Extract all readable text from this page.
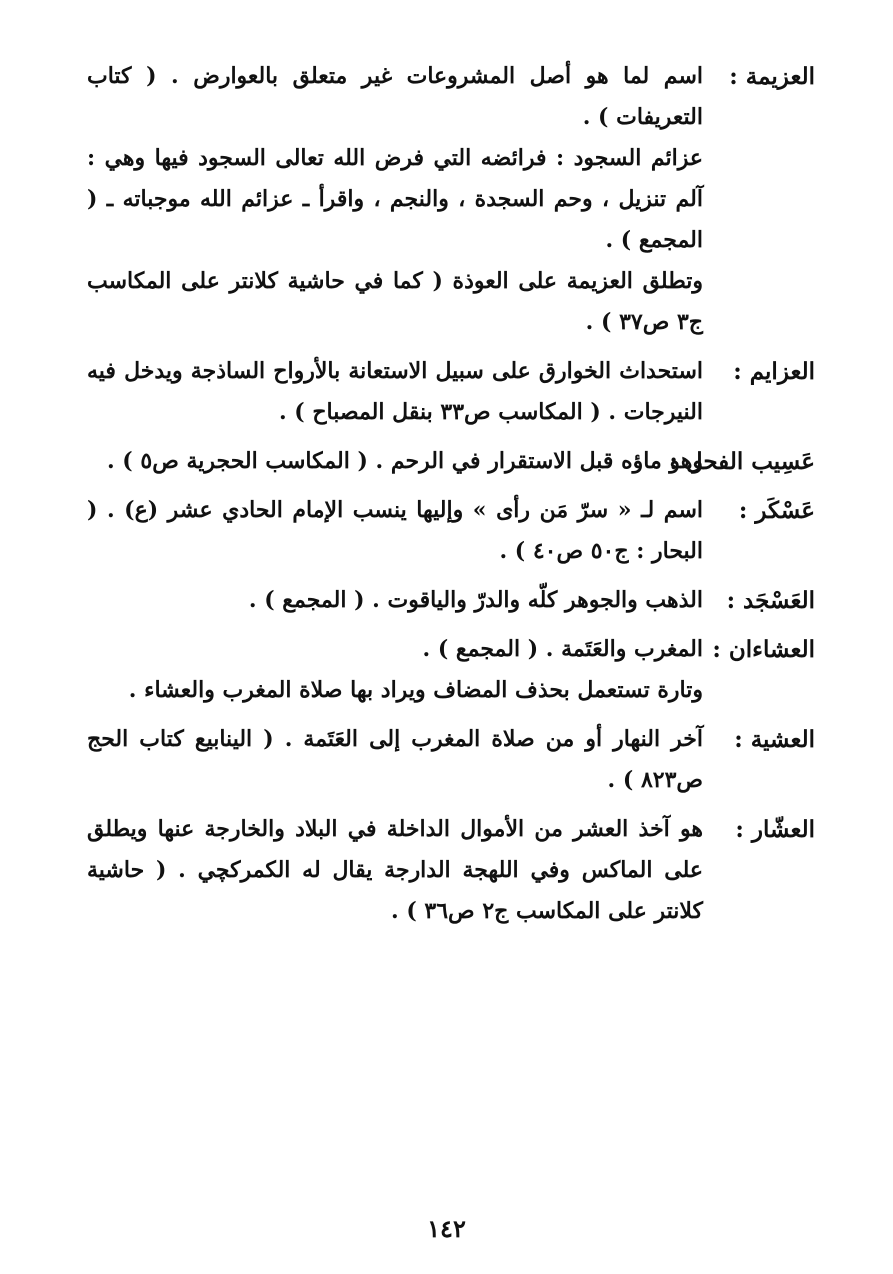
العزيمة :
اسم لما هو أصل المشروعات غير متعلق بالعوارض . ( كتاب التعريفات ) .
عزائم السجود : فرائضه التي فرض الله تعالى السجود فيها وهي : آلم تنزيل ، وحم السجدة ، والنجم ، واقرأ ـ عزائم الله موجباته ـ ( المجمع ) .
وتطلق العزيمة على العوذة ( كما في حاشية كلانتر على المكاسب ج٣ ص٣٧ ) .
العزايم :
استحداث الخوارق على سبيل الاستعانة بالأرواح الساذجة ويدخل فيه النيرجات . ( المكاسب ص٣٣ بنقل المصباح ) .
عَسِيب الفحل :
وهو ماؤه قبل الاستقرار في الرحم . ( المكاسب الحجرية ص٥ ) .
عَسْكَر :
اسم لـ « سرّ مَن رأى » وإليها ينسب الإمام الحادي عشر (ع) . ( البحار : ج٥٠ ص٤٠ ) .
العَسْجَد :
الذهب والجوهر كلّه والدرّ والياقوت . ( المجمع ) .
العشاءان :
المغرب والعَتَمة . ( المجمع ) .
وتارة تستعمل بحذف المضاف ويراد بها صلاة المغرب والعشاء .
العشية :
آخر النهار أو من صلاة المغرب إلى العَتَمة . ( الينابيع كتاب الحج ص٨٢٣ ) .
العشّار :
هو آخذ العشر من الأموال الداخلة في البلاد والخارجة عنها ويطلق على الماكس وفي اللهجة الدارجة يقال له الكمركچي . ( حاشية كلانتر على المكاسب ج٢ ص٣٦ ) .
١٤٢
